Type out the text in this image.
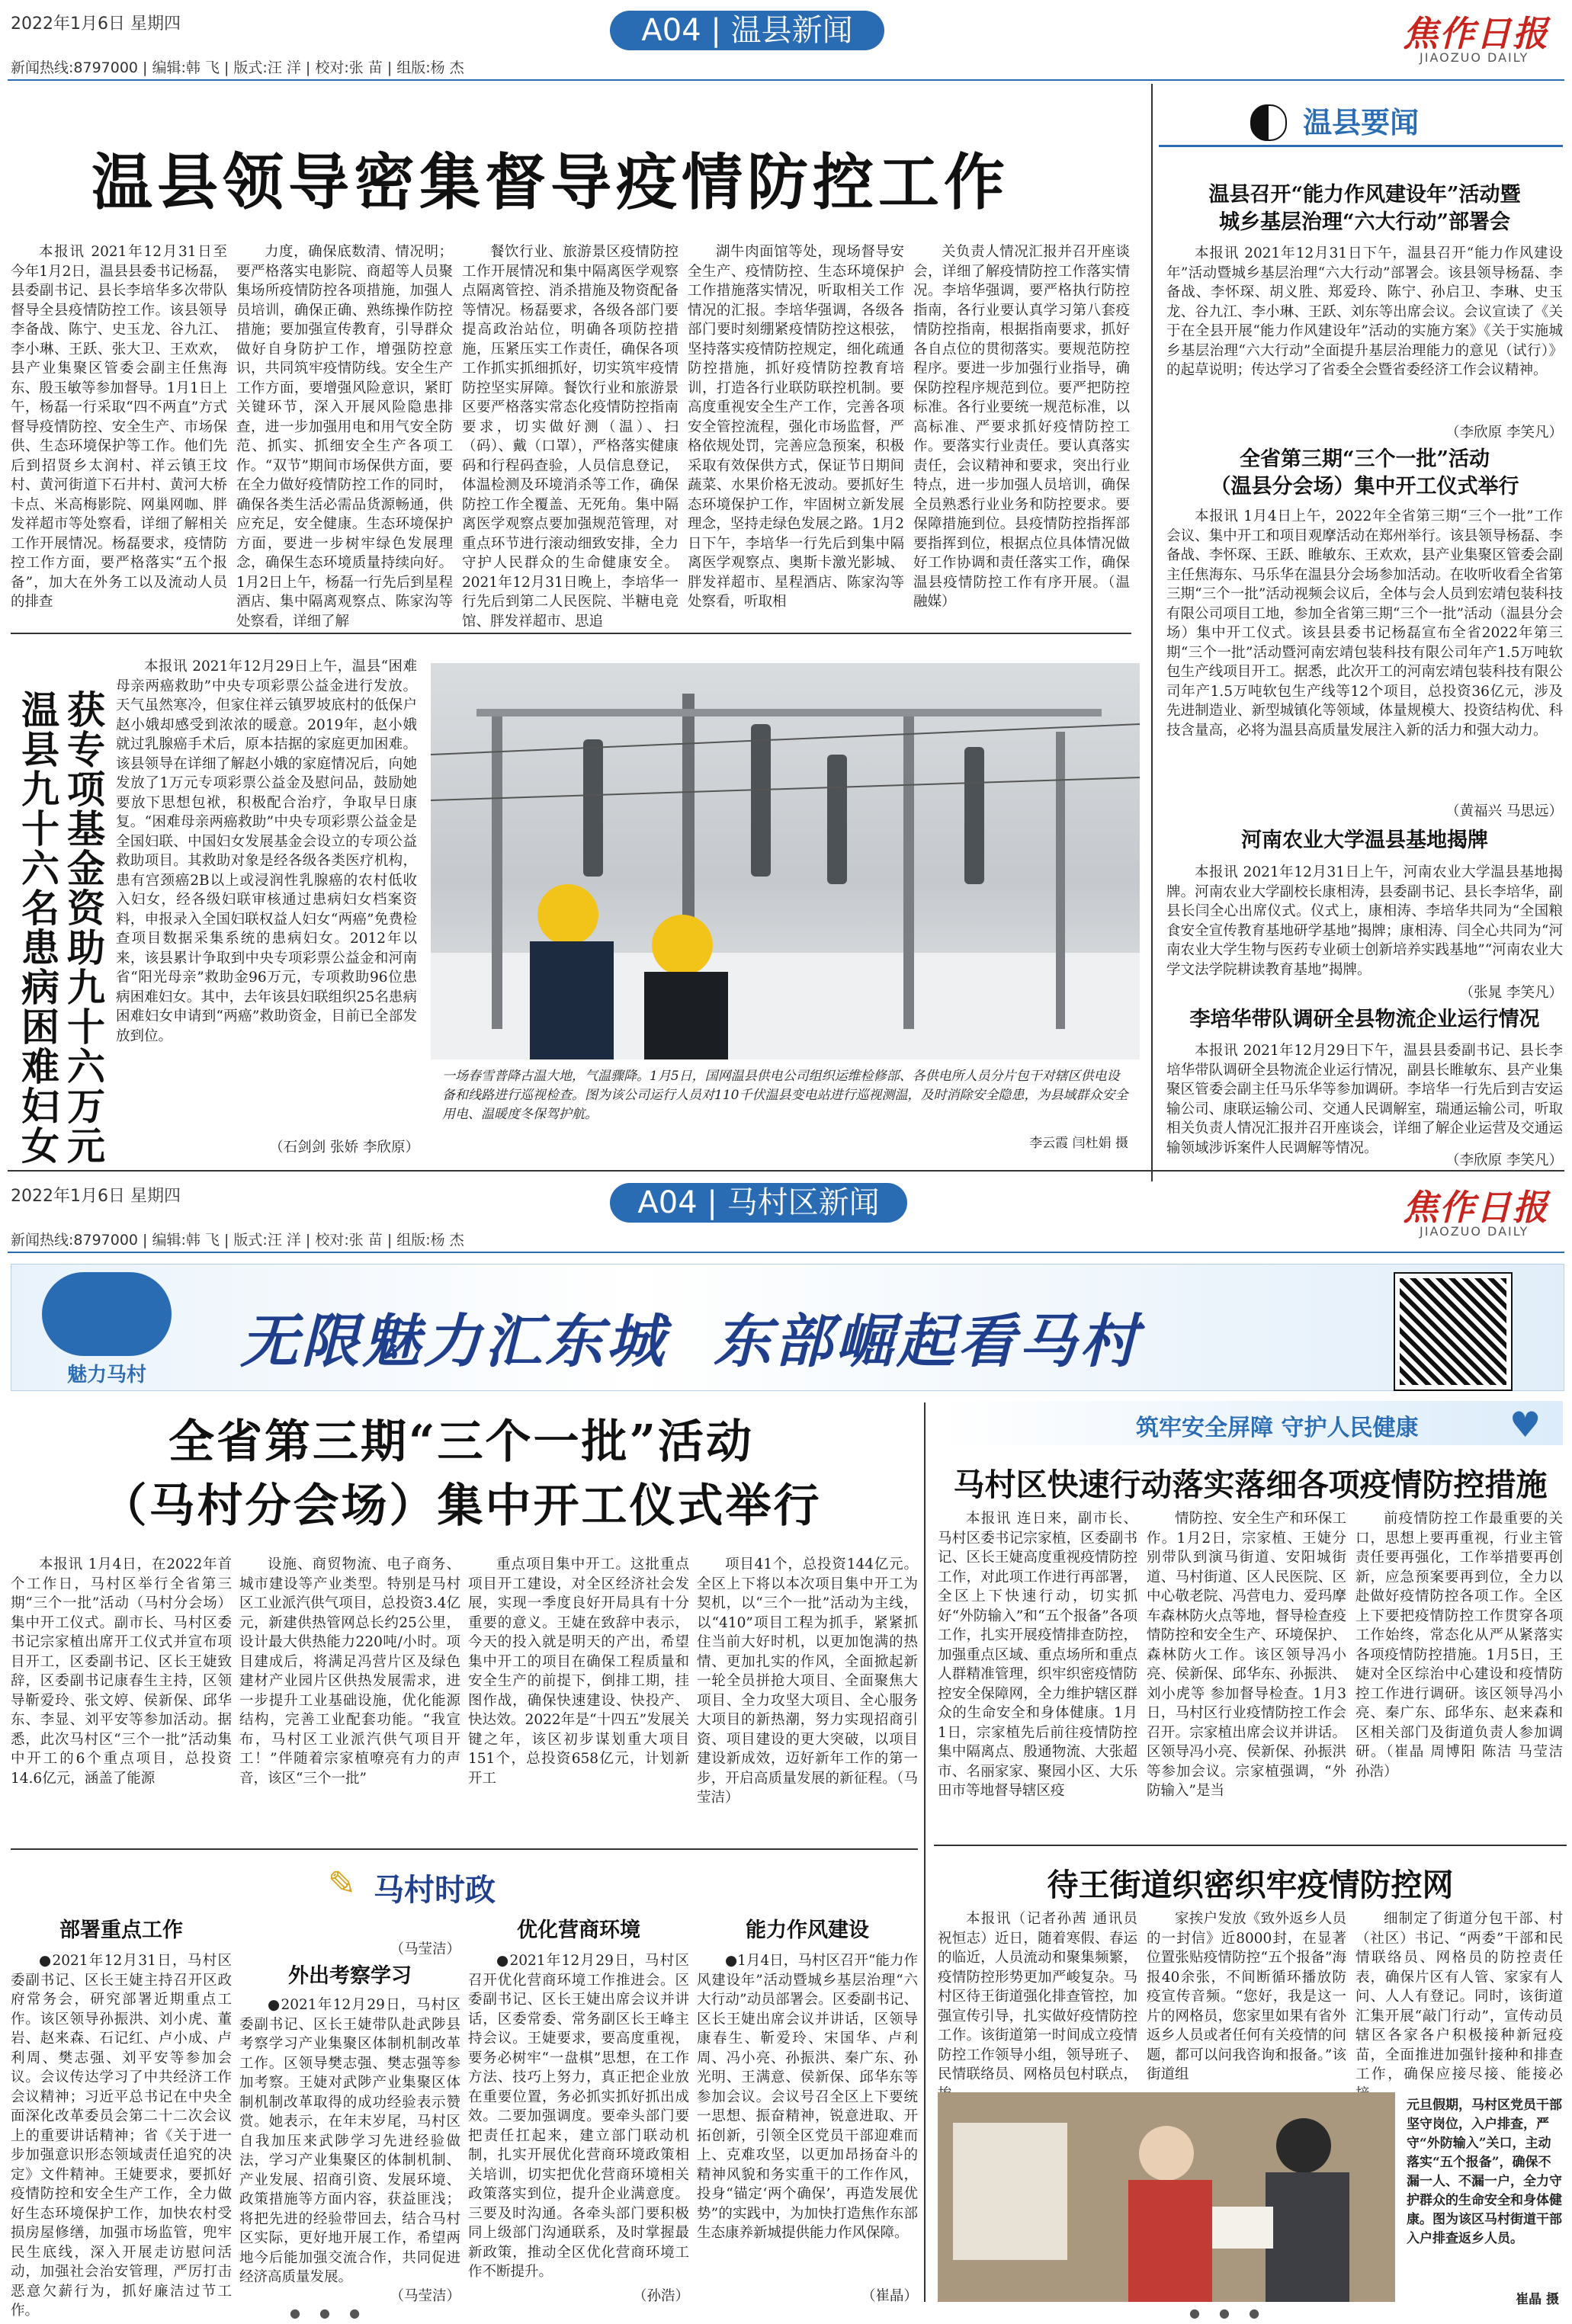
2022年1月6日 星期四	A04 | 温县新闻	焦作日报
JIAOZUO DAILY
新闻热线:8797000 | 编辑:韩 飞 | 版式:汪 洋 | 校对:张 苗 | 组版:杨 杰
温县领导密集督导疫情防控工作

本报讯 2021年12月31日至今年1月2日，温县县委书记杨磊，县委副书记、县长李培华多次带队督导全县疫情防控工作。该县领导李备战、陈宁、史玉龙、谷九江、李小琳、王跃、张大卫、王欢欢，县产业集聚区管委会副主任焦海东、殷玉敏等参加督导。1月1日上午，杨磊一行采取“四不两直”方式督导疫情防控、安全生产、市场保供、生态环境保护等工作。他们先后到招贤乡太润村、祥云镇王坟村、黄河街道下石井村、黄河大桥卡点、米高梅影院、网巢网咖、胖发祥超市等处察看，详细了解相关工作开展情况。杨磊要求，疫情防控工作方面，要严格落实“五个报备”，加大在外务工以及流动人员的排查

力度，确保底数清、情况明；要严格落实电影院、商超等人员聚集场所疫情防控各项措施，加强人员培训，确保正确、熟练操作防控措施；要加强宣传教育，引导群众做好自身防护工作，增强防控意识，共同筑牢疫情防线。安全生产工作方面，要增强风险意识，紧盯关键环节，深入开展风险隐患排查，进一步加强用电和用气安全防范、抓实、抓细安全生产各项工作。“双节”期间市场保供方面，要在全力做好疫情防控工作的同时，确保各类生活必需品货源畅通，供应充足，安全健康。生态环境保护方面，要进一步树牢绿色发展理念，确保生态环境质量持续向好。1月2日上午，杨磊一行先后到星程酒店、集中隔离观察点、陈家沟等处察看，详细了解

餐饮行业、旅游景区疫情防控工作开展情况和集中隔离医学观察点隔离管控、消杀措施及物资配备等情况。杨磊要求，各级各部门要提高政治站位，明确各项防控措施，压紧压实工作责任，确保各项工作抓实抓细抓好，切实筑牢疫情防控坚实屏障。餐饮行业和旅游景区要严格落实常态化疫情防控指南要求，切实做好测（温）、扫（码）、戴（口罩），严格落实健康码和行程码查验，人员信息登记，体温检测及环境消杀等工作，确保防控工作全覆盖、无死角。集中隔离医学观察点要加强规范管理，对重点环节进行滚动细致安排，全力守护人民群众的生命健康安全。2021年12月31日晚上，李培华一行先后到第二人民医院、半糖电竞馆、胖发祥超市、思追

湖牛肉面馆等处，现场督导安全生产、疫情防控、生态环境保护工作措施落实情况，听取相关工作情况的汇报。李培华强调，各级各部门要时刻绷紧疫情防控这根弦，坚持落实疫情防控规定，细化疏通防控措施，抓好疫情防控教育培训，打造各行业联防联控机制。要高度重视安全生产工作，完善各项安全管控流程，强化市场监督，严格依规处罚，完善应急预案，积极采取有效保供方式，保证节日期间蔬菜、水果价格无波动。要抓好生态环境保护工作，牢固树立新发展理念，坚持走绿色发展之路。1月2日下午，李培华一行先后到集中隔离医学观察点、奥斯卡激光影城、胖发祥超市、星程酒店、陈家沟等处察看，听取相

关负责人情况汇报并召开座谈会，详细了解疫情防控工作落实情况。李培华强调，要严格执行防控指南，各行业要认真学习第八套疫情防控指南，根据指南要求，抓好各自点位的贯彻落实。要规范防控程序。要进一步加强行业指导，确保防控程序规范到位。要严把防控标准。各行业要统一规范标准，以高标准、严要求抓好疫情防控工作。要落实行业责任。要认真落实责任，会议精神和要求，突出行业特点，进一步加强人员培训，确保全员熟悉行业业务和防控要求。要保障措施到位。县疫情防控指挥部要指挥到位，根据点位具体情况做好工作协调和责任落实工作，确保温县疫情防控工作有序开展。（温融媒）

温县要闻
温县召开“能力作风建设年”活动暨
城乡基层治理“六大行动”部署会

本报讯 2021年12月31日下午，温县召开“能力作风建设年”活动暨城乡基层治理“六大行动”部署会。该县领导杨磊、李备战、李怀琛、胡义胜、郑爱玲、陈宁、孙启卫、李琳、史玉龙、谷九江、李小琳、王跃、刘东等出席会议。会议宣读了《关于在全县开展“能力作风建设年”活动的实施方案》《关于实施城乡基层治理“六大行动”全面提升基层治理能力的意见（试行）》的起草说明；传达学习了省委全会暨省委经济工作会议精神。

（李欣原 李笑凡）
全省第三期“三个一批”活动
（温县分会场）集中开工仪式举行

本报讯 1月4日上午，2022年全省第三期“三个一批”工作会议、集中开工和项目观摩活动在郑州举行。该县领导杨磊、李备战、李怀琛、王跃、睢敏东、王欢欢，县产业集聚区管委会副主任焦海东、马乐华在温县分会场参加活动。在收听收看全省第三期“三个一批”活动视频会议后，全体与会人员到宏靖包装科技有限公司项目工地，参加全省第三期“三个一批”活动（温县分会场）集中开工仪式。该县县委书记杨磊宣布全省2022年第三期“三个一批”活动暨河南宏靖包装科技有限公司年产1.5万吨软包生产线项目开工。据悉，此次开工的河南宏靖包装科技有限公司年产1.5万吨软包生产线等12个项目，总投资36亿元，涉及先进制造业、新型城镇化等领域，体量规模大、投资结构优、科技含量高，必将为温县高质量发展注入新的活力和强大动力。

（黄福兴 马思远）
河南农业大学温县基地揭牌

本报讯 2021年12月31日上午，河南农业大学温县基地揭牌。河南农业大学副校长康相涛，县委副书记、县长李培华，副县长闫全心出席仪式。仪式上，康相涛、李培华共同为“全国粮食安全宣传教育基地研学基地”揭牌；康相涛、闫全心共同为“河南农业大学生物与医药专业硕士创新培养实践基地”“河南农业大学文法学院耕读教育基地”揭牌。

（张晁 李笑凡）
李培华带队调研全县物流企业运行情况

本报讯 2021年12月29日下午，温县县委副书记、县长李培华带队调研全县物流企业运行情况，副县长睢敏东、县产业集聚区管委会副主任马乐华等参加调研。李培华一行先后到吉安运输公司、康联运输公司、交通人民调解室，瑞通运输公司，听取相关负责人情况汇报并召开座谈会，详细了解企业运营及交通运输领域涉诉案件人民调解等情况。

（李欣原 李笑凡）
获专项基金资助九十六万元
温县九十六名患病困难妇女

本报讯 2021年12月29日上午，温县“困难母亲两癌救助”中央专项彩票公益金进行发放。天气虽然寒冷，但家住祥云镇罗坡底村的低保户赵小娥却感受到浓浓的暖意。2019年，赵小娥就过乳腺癌手术后，原本拮据的家庭更加困难。该县领导在详细了解赵小娥的家庭情况后，向她发放了1万元专项彩票公益金及慰问品，鼓励她要放下思想包袱，积极配合治疗，争取早日康复。“困难母亲两癌救助”中央专项彩票公益金是全国妇联、中国妇女发展基金会设立的专项公益救助项目。其救助对象是经各级各类医疗机构，患有宫颈癌2B以上或浸润性乳腺癌的农村低收入妇女，经各级妇联审核通过患病妇女档案资料，申报录入全国妇联权益人妇女“两癌”免费检查项目数据采集系统的患病妇女。2012年以来，该县累计争取到中央专项彩票公益金和河南省“阳光母亲”救助金96万元，专项救助96位患病困难妇女。其中，去年该县妇联组织25名患病困难妇女申请到“两癌”救助资金，目前已全部发放到位。

（石剑剑 张娇 李欣原）
一场春雪普降古温大地，气温骤降。1月5日，国网温县供电公司组织运维检修部、各供电所人员分片包干对辖区供电设备和线路进行巡视检查。图为该公司运行人员对110千伏温县变电站进行巡视测温，及时消除安全隐患，为县域群众安全用电、温暖度冬保驾护航。
李云霞 闫杜娟 摄
2022年1月6日 星期四	A04 | 马村区新闻	焦作日报
JIAOZUO DAILY
新闻热线:8797000 | 编辑:韩 飞 | 版式:汪 洋 | 校对:张 苗 | 组版:杨 杰
魅力马村	无限魅力汇东城  东部崛起看马村
全省第三期“三个一批”活动
（马村分会场）集中开工仪式举行

本报讯 1月4日，在2022年首个工作日，马村区举行全省第三期“三个一批”活动（马村分会场）集中开工仪式。副市长、马村区委书记宗家植出席开工仪式并宣布项目开工，区委副书记、区长王婕致辞，区委副书记康春生主持，区领导靳爱玲、张文婷、侯新保、邱华东、李显、刘平安等参加活动。据悉，此次马村区“三个一批”活动集中开工的6个重点项目，总投资14.6亿元，涵盖了能源

设施、商贸物流、电子商务、城市建设等产业类型。特别是马村区工业派汽供气项目，总投资3.4亿元，新建供热管网总长约25公里，设计最大供热能力220吨/小时。项目建成后，将满足冯营片区及绿色建材产业园片区供热发展需求，进一步提升工业基础设施，优化能源结构，完善工业配套功能。“我宣布，马村区工业派汽供气项目开工！”伴随着宗家植嘹亮有力的声音，该区“三个一批”

重点项目集中开工。这批重点项目开工建设，对全区经济社会发展，实现一季度良好开局具有十分重要的意义。王婕在致辞中表示，今天的投入就是明天的产出，希望集中开工的项目在确保工程质量和安全生产的前提下，倒排工期，挂图作战，确保快速建设、快投产、快达效。2022年是“十四五”发展关键之年，该区初步谋划重大项目151个，总投资658亿元，计划新开工

项目41个，总投资144亿元。全区上下将以本次项目集中开工为契机，以“三个一批”活动为主线，以“410”项目工程为抓手，紧紧抓住当前大好时机，以更加饱满的热情、更加扎实的作风，全面掀起新一轮全员拼抢大项目、全面聚焦大项目、全力攻坚大项目、全心服务大项目的新热潮，努力实现招商引资、项目建设的更大突破，以项目建设新成效，迈好新年工作的第一步，开启高质量发展的新征程。（马莹洁）

筑牢安全屏障 守护人民健康	♥
马村区快速行动落实落细各项疫情防控措施

本报讯 连日来，副市长、马村区委书记宗家植，区委副书记、区长王婕高度重视疫情防控工作，对此项工作进行再部署，全区上下快速行动，切实抓好“外防输入”和“五个报备”各项工作，扎实开展疫情排查防控，加强重点区域、重点场所和重点人群精准管理，织牢织密疫情防控安全保障网，全力维护辖区群众的生命安全和身体健康。1月1日，宗家植先后前往疫情防控集中隔离点、殷通物流、大张超市、名丽家家、聚园小区、大乐田市等地督导辖区疫

情防控、安全生产和环保工作。1月2日，宗家植、王婕分别带队到演马街道、安阳城街道、马村街道、区人民医院、区中心敬老院、冯营电力、爱玛摩车森林防火点等地，督导检查疫情防控和安全生产、环境保护、森林防火工作。该区领导冯小亮、侯新保、邱华东、孙振洪、刘小虎等 参加督导检查。1月3日，马村区行业疫情防控工作会召开。宗家植出席会议并讲话。区领导冯小亮、侯新保、孙振洪等参加会议。宗家植强调，“外防输入”是当

前疫情防控工作最重要的关口，思想上要再重视，行业主管责任要再强化，工作举措要再创新，应急预案要再到位，全力以赴做好疫情防控各项工作。全区上下要把疫情防控工作贯穿各项工作始终，常态化从严从紧落实各项疫情防控措施。1月5日，王婕对全区综治中心建设和疫情防控工作进行调研。该区领导冯小亮、秦广东、邱华东、赵来森和区相关部门及街道负责人参加调研。（崔晶 周博阳 陈洁 马莹洁 孙浩）

待王街道织密织牢疫情防控网

本报讯（记者孙茜 通讯员祝恒志）近日，随着寒假、春运的临近，人员流动和聚集频繁，疫情防控形势更加严峻复杂。马村区待王街道强化排查管控，加强宣传引导，扎实做好疫情防控工作。该街道第一时间成立疫情防控工作领导小组，领导班子、民情联络员、网格员包村联点，

家挨户发放《致外返乡人员的一封信》近8000封，在显著位置张贴疫情防控“五个报备”海报40余张，不间断循环播放防疫宣传音频。“您好，我是这一片的网格员，您家里如果有省外返乡人员或者任何有关疫情的问题，都可以问我咨询和报备。”该街道组

细制定了街道分包干部、村（社区）书记、“两委”干部和民情联络员、网格员的防控责任表，确保片区有人管、家家有人问、人人有登记。同时，该街道汇集开展“敲门行动”，宣传动员辖区各家各户积极接种新冠疫苗，全面推进加强针接种和排查工作，确保应接尽接、能接必

元旦假期，马村区党员干部坚守岗位，入户排查，严守“外防输入”关口，主动落实“五个报备”，确保不漏一人、不漏一户，全力守护群众的生命安全和身体健康。图为该区马村街道干部入户排查返乡人员。
崔晶 摄
✎ 马村时政
部署重点工作

●2021年12月31日，马村区委副书记、区长王婕主持召开区政府常务会，研究部署近期重点工作。该区领导孙振洪、刘小虎、董岩、赵来森、石记红、卢小成、卢利周、樊志强、刘平安等参加会议。会议传达学习了中共经济工作会议精神；习近平总书记在中央全面深化改革委员会第二十二次会议上的重要讲话精神；省《关于进一步加强意识形态领域责任追究的决定》文件精神。王婕要求，要抓好疫情防控和安全生产工作，全力做好生态环境保护工作，加快农村受损房屋修缮，加强市场监管，兜牢民生底线，深入开展走访慰问活动，加强社会治安管理，严厉打击恶意欠薪行为，抓好廉洁过节工作。

外出考察学习

●2021年12月29日，马村区委副书记、区长王婕带队赴武陟县考察学习产业集聚区体制机制改革工作。区领导樊志强、樊志强等参加考察。王婕对武陟产业集聚区体制机制改革取得的成功经验表示赞赏。她表示，在年末岁尾，马村区自我加压来武陟学习先进经验做法，学习产业集聚区的体制机制、产业发展、招商引资、发展环境、政策措施等方面内容，获益匪浅；将把先进的经验带回去，结合马村区实际，更好地开展工作，希望两地今后能加强交流合作，共同促进经济高质量发展。

（马莹洁）
（马莹洁）
优化营商环境

●2021年12月29日，马村区召开优化营商环境工作推进会。区委副书记、区长王婕出席会议并讲话，区委常委、常务副区长王峰主持会议。王婕要求，要高度重视，要务必树牢“一盘棋”思想，在工作方法、技巧上努力，真正把企业放在重要位置，务必抓实抓好抓出成效。二要加强调度。要牵头部门要把责任扛起来，建立部门联动机制，扎实开展优化营商环境政策相关培训，切实把优化营商环境相关政策落实到位，提升企业满意度。三要及时沟通。各牵头部门要积极同上级部门沟通联系，及时掌握最新政策，推动全区优化营商环境工作不断提升。

（孙浩）
能力作风建设

●1月4日，马村区召开“能力作风建设年”活动暨城乡基层治理“六大行动”动员部署会。区委副书记、区长王婕出席会议并讲话，区领导康春生、靳爱玲、宋国华、卢利周、冯小亮、孙振洪、秦广东、孙光明、王满意、侯新保、邱华东等参加会议。会议号召全区上下要统一思想、振奋精神，锐意进取、开拓创新，引领全区党员干部迎难而上、克难攻坚，以更加昂扬奋斗的精神风貌和务实重干的工作作风，投身“锚定‘两个确保’，再造发展优势”的实践中，为加快打造焦作东部生态康养新城提供能力作风保障。

（崔晶）
● ● ●	● ● ●
